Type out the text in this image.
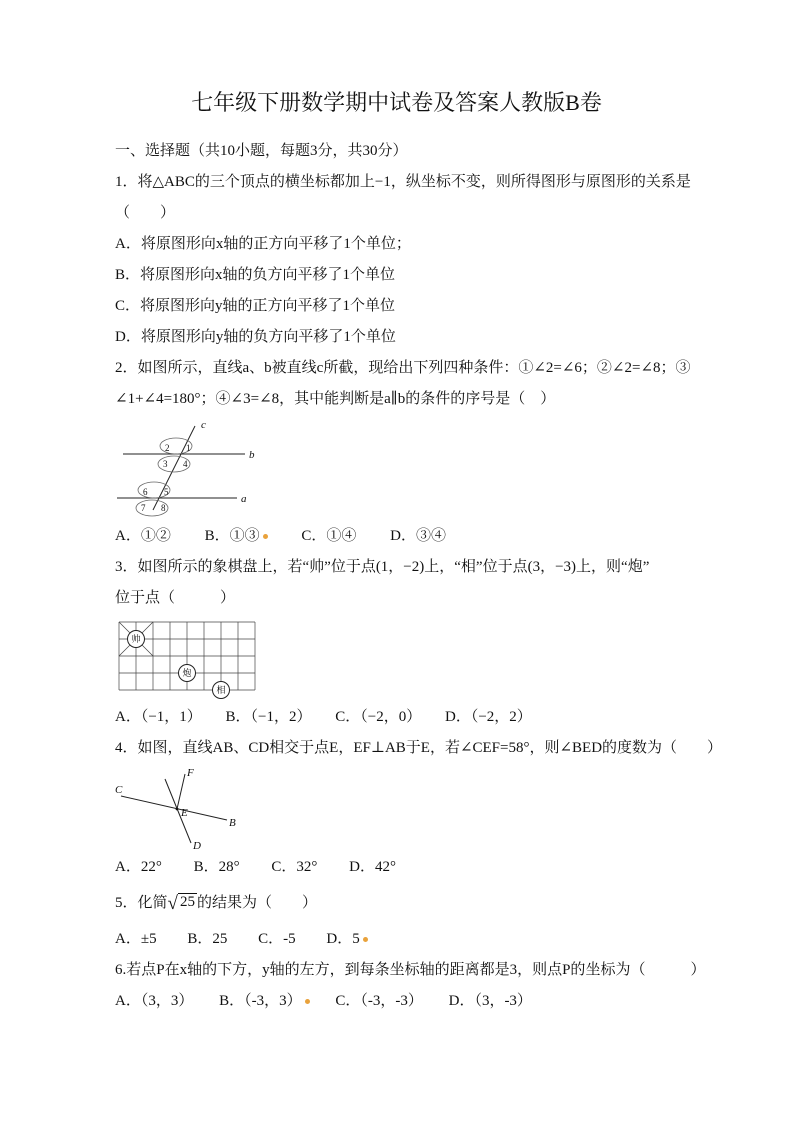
七年级下册数学期中试卷及答案人教版B卷
一、选择题（共10小题，每题3分，共30分）
1．将△ABC的三个顶点的横坐标都加上−1，纵坐标不变，则所得图形与原图形的关系是
（　　）
A．将原图形向x轴的正方向平移了1个单位；
B．将原图形向x轴的负方向平移了1个单位
C．将原图形向y轴的正方向平移了1个单位
D．将原图形向y轴的负方向平移了1个单位
2．如图所示，直线a、b被直线c所截，现给出下列四种条件：①∠2=∠6；②∠2=∠8；③
∠1+∠4=180°；④∠3=∠8，其中能判断是a∥b的条件的序号是（　）
c
b
a
2 1
3 4
6 5
7 8
A．①② B．①③	C．①④ D．③④
3．如图所示的象棋盘上，若“帅”位于点(1，−2)上，“相”位于点(3，−3)上，则“炮”
位于点（　　　）
帅
炮
相
A．（−1，1） B．（−1，2） C．（−2，0） D．（−2，2）
4．如图，直线AB、CD相交于点E，EF⊥AB于E，若∠CEF=58°，则∠BED的度数为（　　）
F
C
E
B
D
A．22° B．28° C．32° D．42°
5．化简√ 25 的结果为（　　）
A．±5 B．25 C．-5 D．5
6.若点P在x轴的下方，y轴的左方，到每条坐标轴的距离都是3，则点P的坐标为（　　　）
A．（3，3） B．（-3，3） C．（-3，-3） D．（3，-3）
